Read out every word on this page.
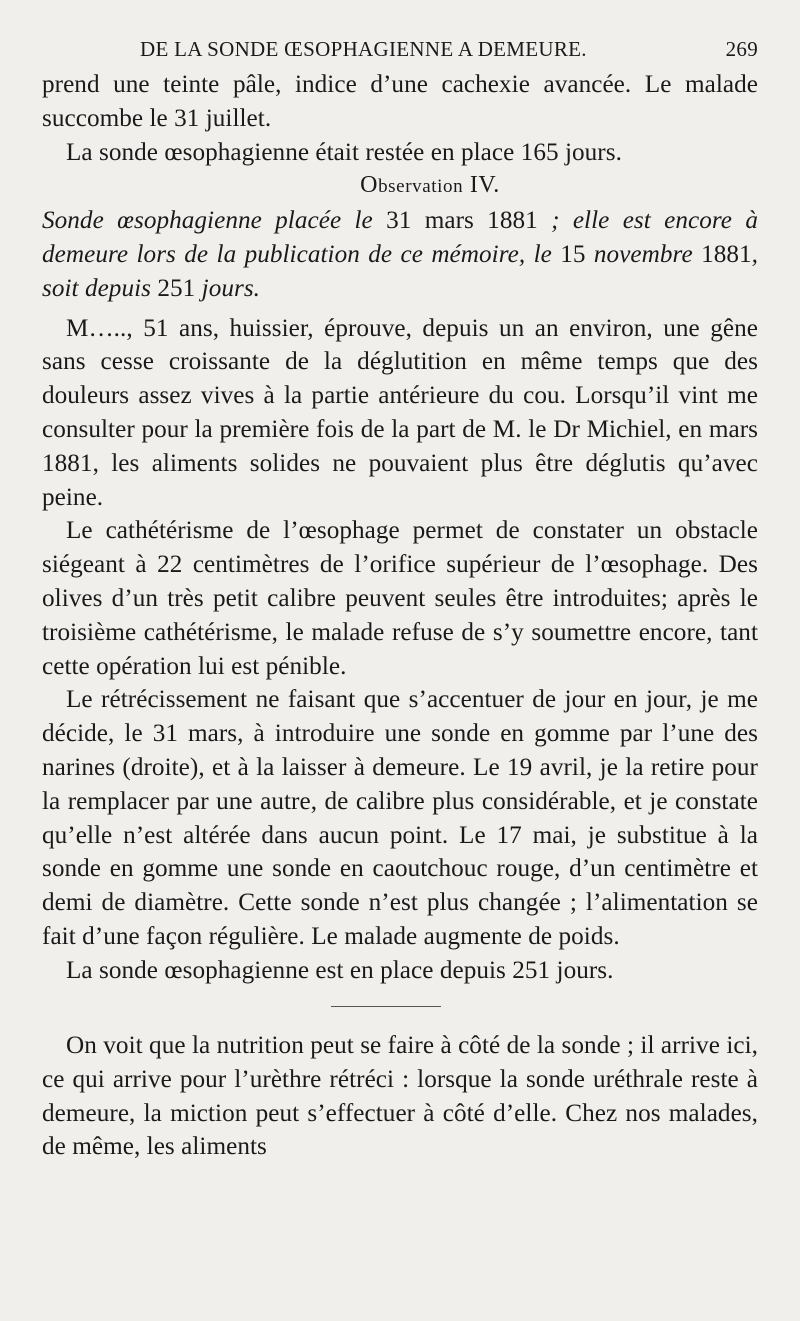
DE LA SONDE ŒSOPHAGIENNE A DEMEURE.	269

prend une teinte pâle, indice d’une cachexie avancée. Le malade succombe le 31 juillet.

La sonde œsophagienne était restée en place 165 jours.

Observation IV.

Sonde œsophagienne placée le 31 mars 1881 ; elle est encore à demeure lors de la publication de ce mémoire, le 15 novembre 1881, soit depuis 251 jours.

M….., 51 ans, huissier, éprouve, depuis un an environ, une gêne sans cesse croissante de la déglutition en même temps que des douleurs assez vives à la partie antérieure du cou. Lorsqu’il vint me consulter pour la première fois de la part de M. le Dr Michiel, en mars 1881, les aliments solides ne pouvaient plus être déglutis qu’avec peine.

Le cathétérisme de l’œsophage permet de constater un obstacle siégeant à 22 centimètres de l’orifice supérieur de l’œsophage. Des olives d’un très petit calibre peuvent seules être introduites; après le troisième cathétérisme, le malade refuse de s’y soumettre encore, tant cette opération lui est pénible.

Le rétrécissement ne faisant que s’accentuer de jour en jour, je me décide, le 31 mars, à introduire une sonde en gomme par l’une des narines (droite), et à la laisser à demeure. Le 19 avril, je la retire pour la remplacer par une autre, de calibre plus considérable, et je constate qu’elle n’est altérée dans aucun point. Le 17 mai, je substitue à la sonde en gomme une sonde en caoutchouc rouge, d’un centimètre et demi de diamètre. Cette sonde n’est plus changée ; l’alimentation se fait d’une façon régulière. Le malade augmente de poids.

La sonde œsophagienne est en place depuis 251 jours.

On voit que la nutrition peut se faire à côté de la sonde ; il arrive ici, ce qui arrive pour l’urèthre rétréci : lorsque la sonde uréthrale reste à demeure, la miction peut s’effectuer à côté d’elle. Chez nos malades, de même, les aliments
